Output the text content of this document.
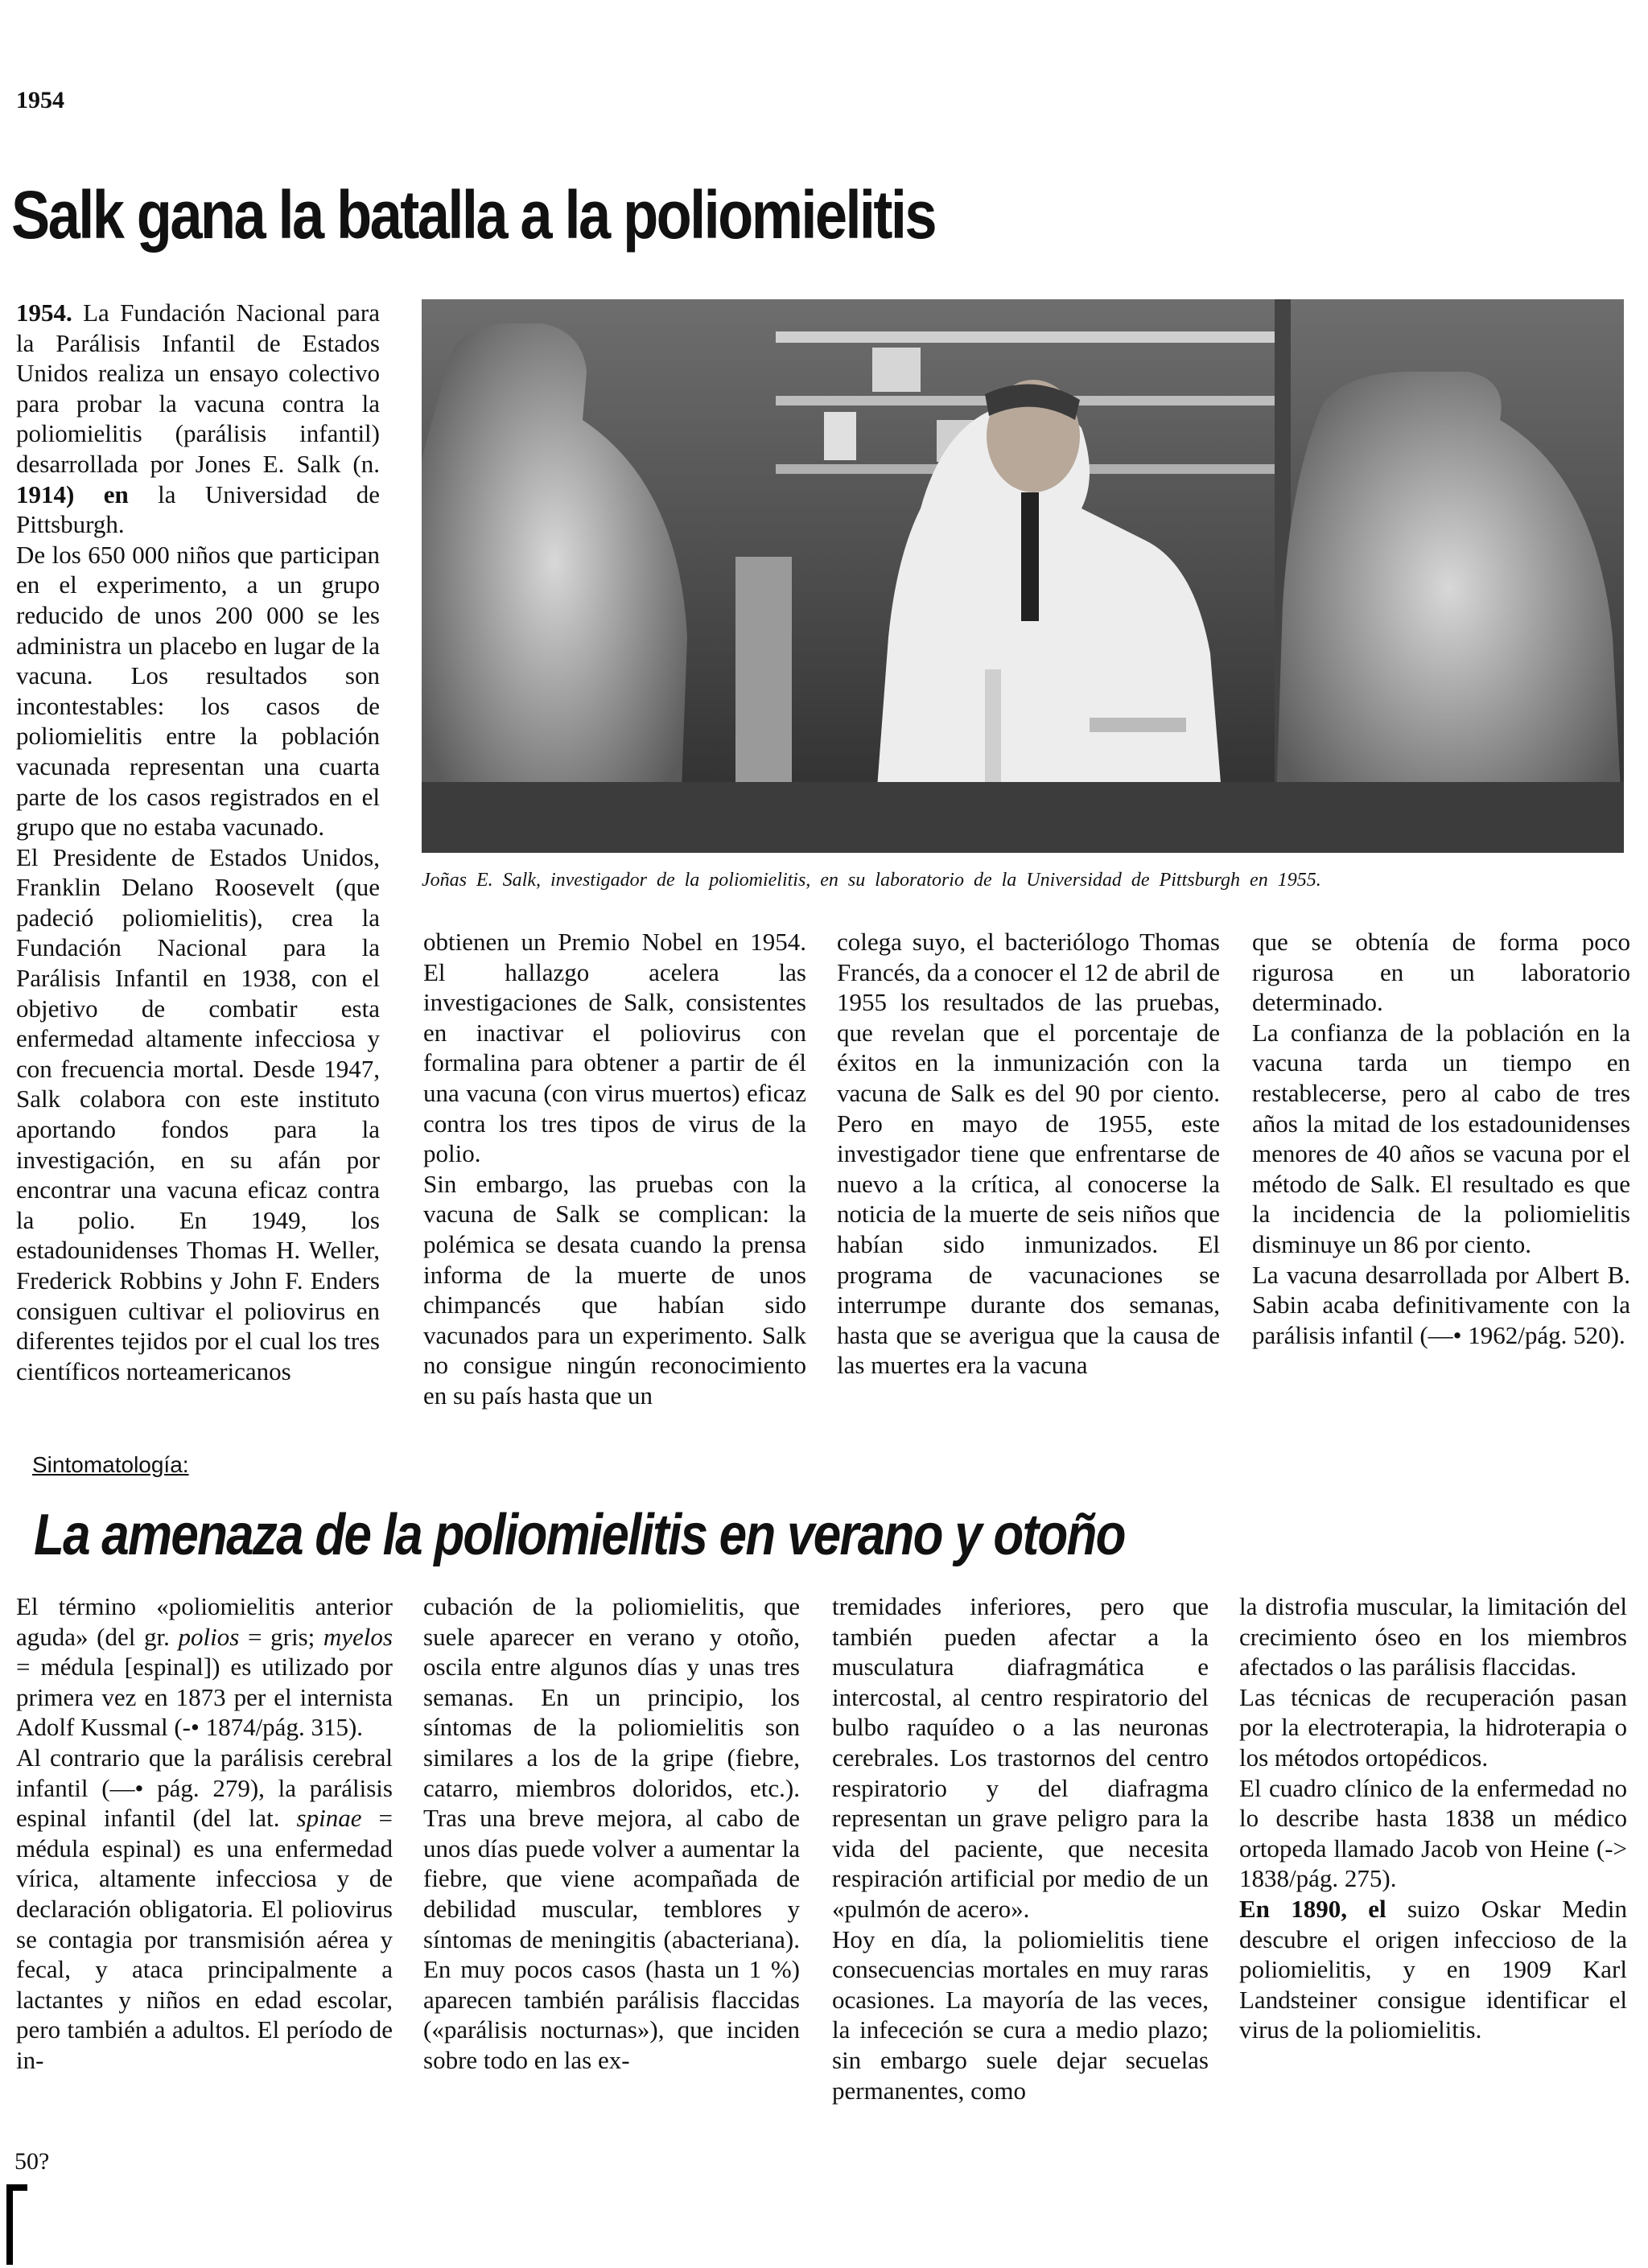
1954
Salk gana la batalla a la poliomielitis

1954. La Fundación Nacional para la Parálisis Infantil de Estados Unidos realiza un ensayo colectivo para probar la vacuna contra la poliomielitis (parálisis infantil) desarrollada por Jones E. Salk (n. 1914) en la Universidad de Pittsburgh.

De los 650 000 niños que participan en el experimento, a un grupo reducido de unos 200 000 se les administra un placebo en lugar de la vacuna. Los resultados son incontestables: los casos de poliomielitis entre la población vacunada representan una cuarta parte de los casos registrados en el grupo que no estaba vacunado.

El Presidente de Estados Unidos, Franklin Delano Roosevelt (que padeció poliomielitis), crea la Fundación Nacional para la Parálisis Infantil en 1938, con el objetivo de combatir esta enfermedad altamente infecciosa y con frecuencia mortal. Desde 1947, Salk colabora con este instituto aportando fondos para la investigación, en su afán por encontrar una vacuna eficaz contra la polio. En 1949, los estadounidenses Thomas H. Weller, Frederick Robbins y John F. Enders consiguen cultivar el poliovirus en diferentes tejidos por el cual los tres científicos norteamericanos

Joñas E. Salk, investigador de la poliomielitis, en su laboratorio de la Universidad de Pittsburgh en 1955.

obtienen un Premio Nobel en 1954. El hallazgo acelera las investigaciones de Salk, consistentes en inactivar el poliovirus con formalina para obtener a partir de él una vacuna (con virus muertos) eficaz contra los tres tipos de virus de la polio.

Sin embargo, las pruebas con la vacuna de Salk se complican: la polémica se desata cuando la prensa informa de la muerte de unos chimpancés que habían sido vacunados para un experimento. Salk no consigue ningún reconocimiento en su país hasta que un

colega suyo, el bacteriólogo Thomas Francés, da a conocer el 12 de abril de 1955 los resultados de las pruebas, que revelan que el porcentaje de éxitos en la inmunización con la vacuna de Salk es del 90 por ciento. Pero en mayo de 1955, este investigador tiene que enfrentarse de nuevo a la crítica, al conocerse la noticia de la muerte de seis niños que habían sido inmunizados. El programa de vacunaciones se interrumpe durante dos semanas, hasta que se averigua que la causa de las muertes era la vacuna

que se obtenía de forma poco rigurosa en un laboratorio determinado.

La confianza de la población en la vacuna tarda un tiempo en restablecerse, pero al cabo de tres años la mitad de los estadounidenses menores de 40 años se vacuna por el método de Salk. El resultado es que la incidencia de la poliomielitis disminuye un 86 por ciento.

La vacuna desarrollada por Albert B. Sabin acaba definitivamente con la parálisis infantil (—• 1962/pág. 520).

Sintomatología:
La amenaza de la poliomielitis en verano y otoño

El término «poliomielitis anterior aguda» (del gr. polios = gris; myelos = médula [espinal]) es utilizado por primera vez en 1873 per el internista Adolf Kussmal (-• 1874/pág. 315).

Al contrario que la parálisis cerebral infantil (—• pág. 279), la parálisis espinal infantil (del lat. spinae = médula espinal) es una enfermedad vírica, altamente infecciosa y de declaración obligatoria. El poliovirus se contagia por transmisión aérea y fecal, y ataca principalmente a lactantes y niños en edad escolar, pero también a adultos. El período de in-

cubación de la poliomielitis, que suele aparecer en verano y otoño, oscila entre algunos días y unas tres semanas. En un principio, los síntomas de la poliomielitis son similares a los de la gripe (fiebre, catarro, miembros doloridos, etc.). Tras una breve mejora, al cabo de unos días puede volver a aumentar la fiebre, que viene acompañada de debilidad muscular, temblores y síntomas de meningitis (abacteriana). En muy pocos casos (hasta un 1 %) aparecen también parálisis flaccidas («parálisis nocturnas»), que inciden sobre todo en las ex-

tremidades inferiores, pero que también pueden afectar a la musculatura diafragmática e intercostal, al centro respiratorio del bulbo raquídeo o a las neuronas cerebrales. Los trastornos del centro respiratorio y del diafragma representan un grave peligro para la vida del paciente, que necesita respiración artificial por medio de un «pulmón de acero».

Hoy en día, la poliomielitis tiene consecuencias mortales en muy raras ocasiones. La mayoría de las veces, la infececión se cura a medio plazo; sin embargo suele dejar secuelas permanentes, como

la distrofia muscular, la limitación del crecimiento óseo en los miembros afectados o las parálisis flaccidas.

Las técnicas de recuperación pasan por la electroterapia, la hidroterapia o los métodos ortopédicos.

El cuadro clínico de la enfermedad no lo describe hasta 1838 un médico ortopeda llamado Jacob von Heine (-> 1838/pág. 275).

En 1890, el suizo Oskar Medin descubre el origen infeccioso de la poliomielitis, y en 1909 Karl Landsteiner consigue identificar el virus de la poliomielitis.

50?
